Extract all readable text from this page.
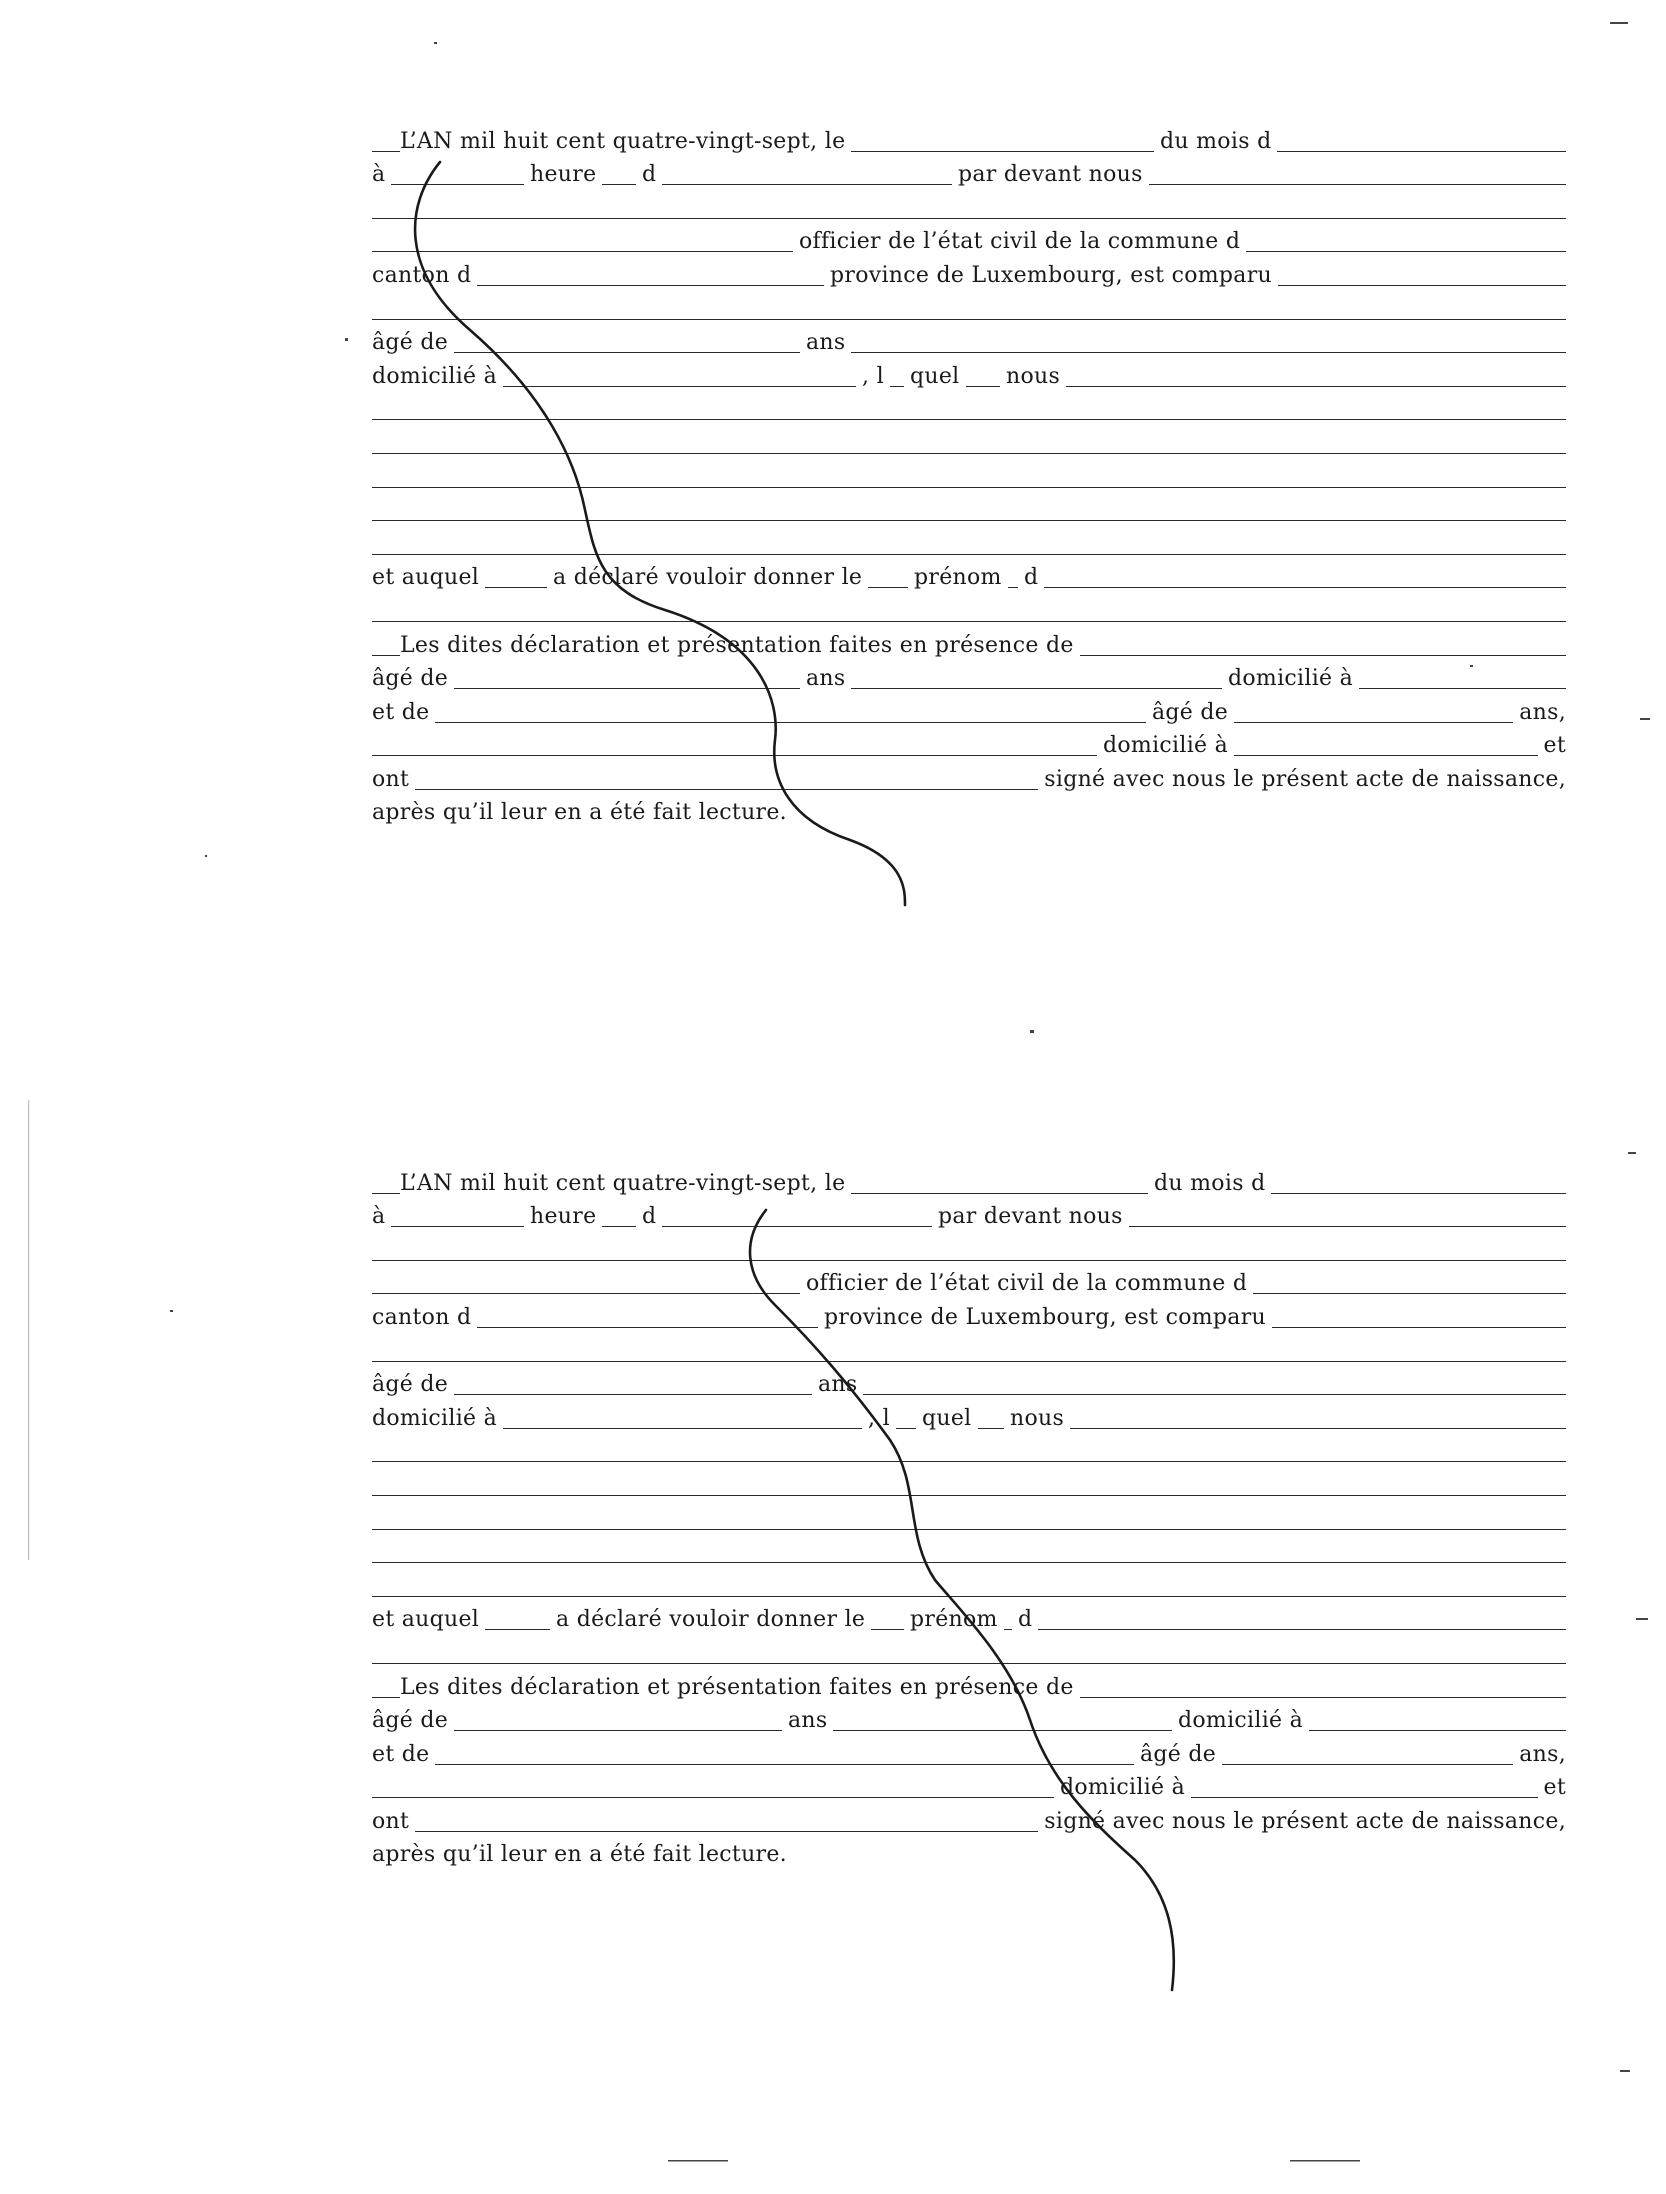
L’AN mil huit cent quatre-vingt-sept, le	du mois d
à	heure d	par devant nous
officier de l’état civil de la commune d
canton d	province de Luxembourg, est comparu
âgé de	ans
domicilié à	, l quel nous
et auquel	a déclaré vouloir donner le prénom d
Les dites déclaration et présentation faites en présence de
âgé de	ans	domicilié à
et de	âgé de	ans,
domicilié à	et
ont	signé avec nous le présent acte de naissance,
après qu’il leur en a été fait lecture.
L’AN mil huit cent quatre-vingt-sept, le	du mois d
à	heure d	par devant nous
officier de l’état civil de la commune d
canton d	province de Luxembourg, est comparu
âgé de	ans
domicilié à	, l quel nous
et auquel	a déclaré vouloir donner le prénom d
Les dites déclaration et présentation faites en présence de
âgé de	ans	domicilié à
et de	âgé de	ans,
domicilié à	et
ont	signé avec nous le présent acte de naissance,
après qu’il leur en a été fait lecture.
